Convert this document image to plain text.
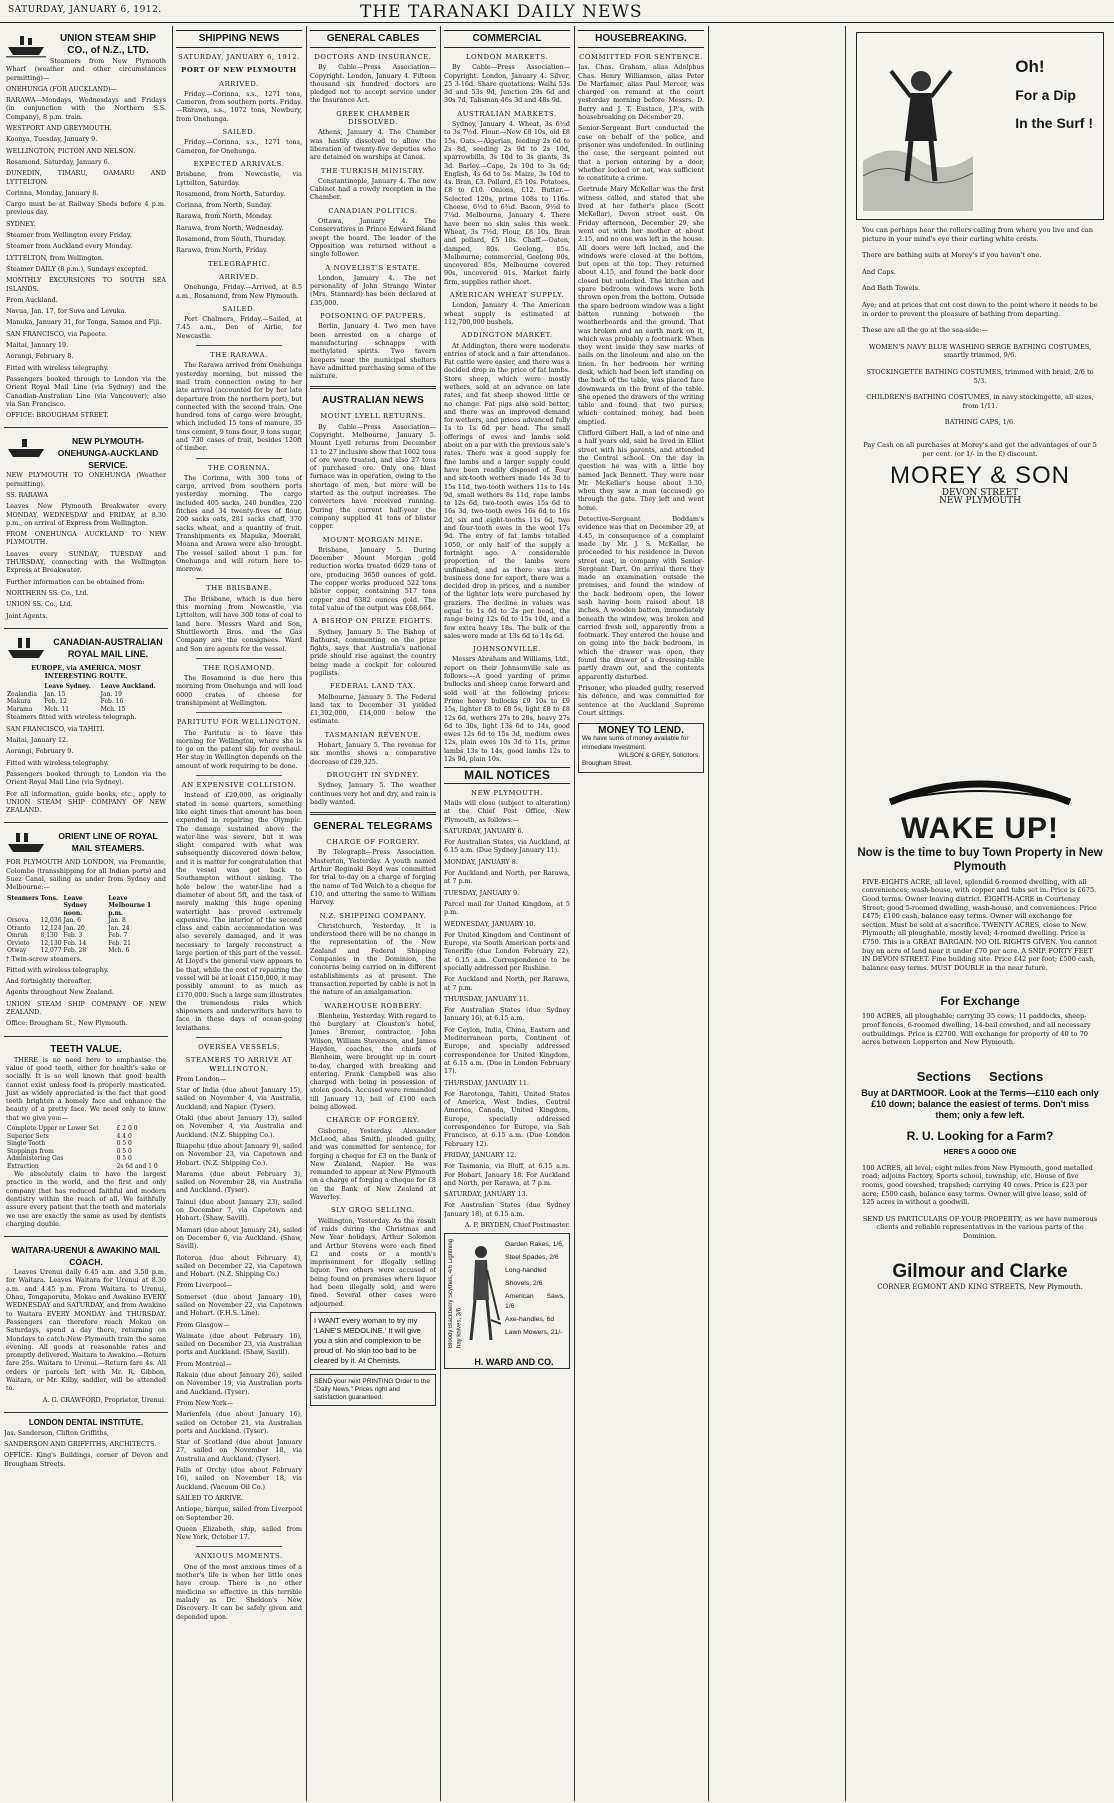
SATURDAY, JANUARY 6, 1912.	THE TARANAKI DAILY NEWS
UNION STEAM SHIP CO., of N.Z., LTD.

Steamers from New Plymouth Wharf (weather and other circumstances permitting)—

ONEHUNGA (FOR AUCKLAND)—

RARAWA—Mondays, Wednesdays and Fridays (in conjunction with the Northern S.S. Company), 8 p.m. train.

WESTPORT AND GREYMOUTH.

Koonya, Tuesday, January 9.

WELLINGTON, PICTON AND NELSON.

Rosamond, Saturday, January 6.

DUNEDIN, TIMARU, OAMARU AND LYTTELTON.

Corinna, Monday, January 8.

Cargo must be at Railway Sheds before 4 p.m. previous day.

SYDNEY.

Steamer from Wellington every Friday.

Steamer from Auckland every Monday.

LYTTELTON, from Wellington.

Steamer DAILY (8 p.m.), Sundays excepted.

MONTHLY EXCURSIONS TO SOUTH SEA ISLANDS.

From Auckland.

Navua, Jan. 17, for Suva and Levuka.

Manuka, January 31, for Tonga, Samoa and Fiji.

SAN FRANCISCO, via Papeete.

Maitai, January 19.

Aorangi, February 8.

Fitted with wireless telegraphy.

Passengers booked through to London via the Orient Royal Mail Line (via Sydney) and the Canadian-Australian Line (via Vancouver); also via San Francisco.

OFFICE: BROUGHAM STREET.

NEW PLYMOUTH-ONEHUNGA-AUCKLAND SERVICE.

NEW PLYMOUTH TO ONEHUNGA (Weather permitting).

SS. RARAWA

Leaves New Plymouth Breakwater every MONDAY, WEDNESDAY and FRIDAY, at 8.30 p.m., on arrival of Express from Wellington.

FROM ONEHUNGA AUCKLAND TO NEW PLYMOUTH.

Leaves every SUNDAY, TUESDAY and THURSDAY, connecting with the Wellington Express at Breakwater.

Further information can be obtained from:

NORTHERN SS. Co., Ltd.

UNION SS. Co., Ltd.

Joint Agents.

CANADIAN-AUSTRALIAN ROYAL MAIL LINE.

EUROPE, via AMERICA. MOST INTERESTING ROUTE.

	Leave Sydney.	Leave Auckland.
Zealandia	Jan. 15	Jan. 19
Makura	Feb. 12	Feb. 16
Marama	Mch. 11	Mch. 15

Steamers fitted with wireless telegraph.

SAN FRANCISCO, via TAHITI.

Maitai, January 12.

Aorangi, February 9.

Fitted with wireless telegraphy.

Passengers booked through to London via the Orient Royal Mail Line (via Sydney).

For all information, guide books, etc., apply to UNION STEAM SHIP COMPANY OF NEW ZEALAND.

ORIENT LINE OF ROYAL MAIL STEAMERS.

FOR PLYMOUTH AND LONDON, via Fremantle, Colombo (transshipping for all Indian ports) and Suez Canal, sailing as under from Sydney and Melbourne:—

Steamers	Tons.	Leave Sydney noon.	Leave Melbourne 1 p.m.
Orsova	12,036	Jan. 6	Jan. 8
Otranto	12,124	Jan. 20	Jan. 24
Omrah	8,130	Feb. 3	Feb. 7
Orvieto	12,130	Feb. 14	Feb. 21
Otway	12,077	Feb. 28	Mch. 6

† Twin-screw steamers.

Fitted with wireless telegraphy.

And fortnightly thereafter.

Agents throughout New Zealand.

UNION STEAM SHIP COMPANY OF NEW ZEALAND.

Office: Brougham St., New Plymouth.

TEETH VALUE.

THERE is no need here to emphasise the value of good teeth, either for health's sake or socially. It is so well known that good health cannot exist unless food is properly masticated. Just as widely appreciated is the fact that good teeth brighten a homely face and enhance the beauty of a pretty face. We need only to know that we give you:—

Complete Upper or Lower Set	£ 2 0 0
Superior Sets	4 4 0
Single Tooth	0 5 0
Stoppings from	0 5 0
Administering Gas	0 5 0
Extraction	2s 6d and 1 0

We absolutely claim to have the largest practice in the world, and the first and only company that has reduced faithful and modern dentistry within the reach of all. We faithfully assure every patient that the teeth and materials we use are exactly the same as used by dentists charging double.

WAITARA-URENUI & AWAKINO MAIL COACH.

Leaves Urenui daily 6.45 a.m. and 3.50 p.m. for Waitara. Leaves Waitara for Urenui at 8.30 a.m. and 4.45 p.m. From Waitara to Urenui, Ohau, Tongaporutu, Mokau and Awakino EVERY WEDNESDAY and SATURDAY, and from Awakino to Waitara EVERY MONDAY and THURSDAY. Passengers can therefore reach Mokau on Saturdays, spend a day there, returning on Mondays to catch New Plymouth train the same evening. All goods at reasonable rates and promptly delivered. Waitara to Awakino.—Return fare 25s. Waitara to Urenui.—Return fare 4s. All orders or parcels left with Mr. R. Gibbon, Waitara, or Mr. Kilby, saddler, will be attended to.

A. G. CRAWFORD, Proprietor, Urenui.

LONDON DENTAL INSTITUTE.

Jas. Sanderson, Clifton Griffiths,

SANDERSON AND GRIFFITHS, ARCHITECTS.

OFFICE: King's Buildings, corner of Devon and Brougham Streets.

SHIPPING NEWS
SATURDAY, JANUARY 6, 1912.
PORT OF NEW PLYMOUTH
ARRIVED.

Friday.—Corinna, s.s., 1271 tons, Cameron, from southern ports. Friday.—Rarawa, s.s., 1072 tons, Newbury, from Onehunga.

SAILED.

Friday.—Corinna, s.s., 1271 tons, Cameron, for Onehunga.

EXPECTED ARRIVALS.

Brisbane, from Newcastle, via Lyttelton, Saturday.

Rosamond, from North, Saturday.

Corinna, from North, Sunday.

Rarawa, from North, Monday.

Rarawa, from North, Wednesday.

Rosamond, from South, Thursday.

Rarawa, from North, Friday.

TELEGRAPHIC.
ARRIVED.

Onehunga, Friday.—Arrived, at 8.5 a.m., Rosamond, from New Plymouth.

SAILED.

Port Chalmers, Friday.—Sailed, at 7.45 a.m., Den of Airlie, for Newcastle.

THE RARAWA.

The Rarawa arrived from Onehunga yesterday morning, but missed the mail train connection owing to her late arrival (accounted for by her late departure from the northern port), but connected with the second train. One hundred tons of cargo were brought, which included 15 tons of manure, 35 tons cement, 9 tons flour, 9 tons sugar, and 730 cases of fruit, besides 120ft of timber.

THE CORINNA.

The Corinna, with 300 tons of cargo, arrived from southern ports yesterday morning. The cargo included 405 sacks, 240 bundles, 220 fitches and 34 twenty-fives of flour, 200 sacks oats, 281 sacks chaff, 370 sacks wheat, and a quantity of fruit. Transhipments ex Mapuka, Moeraki, Moana and Arawa were also brought. The vessel sailed about 1 p.m. for Onehunga and will return here to-morrow.

THE BRISBANE.

The Brisbane, which is due here this morning from Newcastle, via Lyttelton, will have 300 tons of coal to land here. Messrs Ward and Son, Shuttleworth Bros. and the Gas Company are the consignees. Ward and Son are agents for the vessel.

THE ROSAMOND.

The Rosamond is due here this morning from Onehunga and will load 6000 crates of cheese for transhipment at Wellington.

PARITUTU FOR WELLINGTON.

The Paritutu is to leave this morning for Wellington, where she is to go on the patent slip for overhaul. Her stay in Wellington depends on the amount of work requiring to be done.

AN EXPENSIVE COLLISION.

Instead of £20,000, as originally stated in some quarters, something like eight times that amount has been expended in repairing the Olympic. The damage sustained above the water-line was severe, but it was slight compared with what was subsequently discovered down below, and it is matter for congratulation that the vessel was got back to Southampton without sinking. The hole below the water-line had a diameter of about 5ft, and the task of merely making this huge opening watertight has proved extremely expensive. The interior of the second class and cabin accommodation was also severely damaged, and it was necessary to largely reconstruct a large portion of this part of the vessel. At Lloyd's the general view appears to be that, while the cost of repairing the vessel will be at least £150,000, it may possibly amount to as much as £170,000. Such a large sum illustrates the tremendous risks which shipowners and underwriters have to face in these days of ocean-going leviathans.

OVERSEA VESSELS.
STEAMERS TO ARRIVE AT WELLINGTON.

From London—

Star of India (due about January 15), sailed on November 4, via Australia, Auckland, and Napier. (Tyser).

Otaki (due about January 13), sailed on November 4, via Australia and Auckland. (N.Z. Shipping Co.).

Ruapehu (due about January 9), sailed on November 23, via Capetown and Hobart. (N.Z. Shipping Co.).

Marama (due about February 3), sailed on November 28, via Australia and Auckland. (Tyser).

Tainui (due about January 23), sailed on December 7, via Capetown and Hobart. (Shaw, Savill).

Mamari (due about January 24), sailed on December 6, via Auckland. (Shaw, Savill).

Rotorua (due about February 4), sailed on December 22, via Capetown and Hobart. (N.Z. Shipping Co.)

From Liverpool—

Somerset (due about January 10), sailed on November 22, via Capetown and Hobart. (F.H.S. Line).

From Glasgow—

Waimate (due about February 16), sailed on December 23, via Australian ports and Auckland. (Shaw, Savill).

From Montreal—

Rakaia (due about January 26), sailed on November 19, via Australian ports and Auckland. (Tyser).

From New York—

Marienfels (due about January 16), sailed on October 21, via Australian ports and Auckland. (Tyser).

Star of Scotland (due about January 27, sailed on November 18, via Australia and Auckland. (Tyser).

Falls of Orchy (due about February 16), sailed on November 18, via Auckland. (Vacuum Oil Co.)

SAILED TO ARRIVE.

Antiope, barque, sailed from Liverpool on September 20.

Queen Elizabeth, ship, sailed from New York, October 17.

ANXIOUS MOMENTS.

One of the most anxious times of a mother's life is when her little ones have croup. There is no other medicine so effective in this terrible malady as Dr. Sheldon's New Discovery. It can be safely given and depended upon.

GENERAL CABLES
DOCTORS AND INSURANCE.

By Cable—Press Association—Copyright. London, January 4. Fifteen thousand six hundred doctors are pledged not to accept service under the Insurance Act.

GREEK CHAMBER DISSOLVED.

Athens, January 4. The Chamber was hastily dissolved to allow the liberation of twenty-five deputies who are detained on warships at Canea.

THE TURKISH MINISTRY.

Constantinople, January 4. The new Cabinet had a rowdy reception in the Chamber.

CANADIAN POLITICS.

Ottawa, January 4. The Conservatives in Prince Edward Island swept the board. The leader of the Opposition was returned without a single follower.

A NOVELIST'S ESTATE.

London, January 4. The net personality of John Strange Winter (Mrs. Stannard) has been declared at £35,000.

POISONING OF PAUPERS.

Berlin, January 4. Two men have been arrested on a charge of manufacturing schnapps with methylated spirits. Two tavern keepers near the municipal shelters have admitted purchasing some of the mixture.

AUSTRALIAN NEWS
MOUNT LYELL RETURNS.

By Cable—Press Association—Copyright. Melbourne, January 5. Mount Lyell returns from December 11 to 27 inclusive show that 1602 tons of ore were treated, and also 27 tons of purchased ore. Only one blast furnace was in operation, owing to the shortage of men, but more will be started as the output increases. The converters have received running. During the current half-year the company supplied 41 tons of blister copper.

MOUNT MORGAN MINE.

Brisbane, January 5. During December Mount Morgan gold reduction works treated 6629 tons of ore, producing 3650 ounces of gold. The copper works produced 522 tons blister copper, containing 517 tons copper and 6382 ounces gold. The total value of the output was £68,664.

A BISHOP ON PRIZE FIGHTS.

Sydney, January 5. The Bishop of Bathurst, commenting on the prize fights, says that Australia's national pride should rise against the country being made a cockpit for coloured pugilists.

FEDERAL LAND TAX.

Melbourne, January 5. The Federal land tax to December 31 yielded £1,392,000, £14,000 below the estimate.

TASMANIAN REVENUE.

Hobart, January 5. The revenue for six months shows a comparative decrease of £29,325.

DROUGHT IN SYDNEY.

Sydney, January 5. The weather continues very hot and dry, and rain is badly wanted.

GENERAL TELEGRAMS
CHARGE OF FORGERY.

By Telegraph—Press Association. Masterton, Yesterday. A youth named Arthur Reginald Boyd was committed for trial to-day on a charge of forging the name of Ted Welch to a cheque for £10, and uttering the same to William Harvey.

N.Z. SHIPPING COMPANY.

Christchurch, Yesterday. It is understood there will be no change in the representation of the New Zealand and Federal Shipping Companies in the Dominion, the concerns being carried on in different establishments as at present. The transaction reported by cable is not in the nature of an amalgamation.

WAREHOUSE ROBBERY.

Blenheim, Yesterday. With regard to the burglary at Clouston's hotel, James Bremer, contractor, John Wilson, William Stevenson, and James Hayden, coaches, the chiefs of Blenheim, were brought up in court to-day, charged with breaking and entering. Frank Campbell was also charged with being in possession of stolen goods. Accused were remanded till January 13, bail of £100 each being allowed.

CHARGE OF FORGERY.

Gisborne, Yesterday. Alexander McLeod, alias Smith, pleaded guilty, and was committed for sentence, for forging a cheque for £3 on the Bank of New Zealand, Napier. He was remanded to appear at New Plymouth on a charge of forging a cheque for £8 on the Bank of New Zealand at Waverley.

SLY GROG SELLING.

Wellington, Yesterday. As the result of raids during the Christmas and New Year holidays, Arthur Solomon and Arthur Stevens were each fined £2 and costs or a month's imprisonment for illegally selling liquor. Two others were accused of being found on premises where liquor had been illegally sold, and were fined. Several other cases were adjourned.

I WANT every woman to try my 'LANE'S MEDOLINE.' It will give you a skin and complexion to be proud of. No skin too bad to be cleared by it. At Chemists.
SEND your next PRINTING Order to the "Daily News." Prices right and satisfaction guaranteed.
COMMERCIAL
LONDON MARKETS.

By Cable—Press Association—Copyright. London, January 4. Silver, 25 3-16d. Share quotations: Waihi 53s 3d and 53s 9d, Junction 29s 6d and 30s 7d, Talisman 46s 3d and 48s 9d.

AUSTRALIAN MARKETS.

Sydney, January 4. Wheat, 3s 6½d to 3s 7½d. Flour.—New £8 10s, old £8 15s. Oats.—Algerian, feeding 2s 6d to 2s 8d, seeding 2s 9d to 2s 10d, sparrowbills, 3s 10d to 3s giants, 3s 3d. Barley.—Cape, 2s 10d to 3s 6d; English, 4s 6d to 5s. Maize, 3s 10d to 4s. Bran, £3. Pollard, £5 10s. Potatoes, £8 to £10. Onions, £12. Butter.—Selected 120s, prime 108s to 116s. Cheese, 6½d to 6¾d. Bacon, 9½d to 7¼d. Melbourne, January 4. There have been no skin sales this week. Wheat, 3s 7½d. Flour, £8 10s. Bran and pollard, £5 10s. Chaff.—Oaten, damped, 80s. Geelong, 85s. Melbourne; commercial, Geelong 90s, uncovered 85s, Melbourne covered 90s, uncovered 91s. Market fairly firm, supplies rather short.

AMERICAN WHEAT SUPPLY.

London, January 4. The American wheat supply is estimated at 112,700,000 bushels.

ADDINGTON MARKET.

At Addington, there were moderate entries of stock and a fair attendance. Fat cattle were easier, and there was a decided drop in the price of fat lambs. Store sheep, which were mostly wethers, sold at an advance on late rates, and fat sheep showed little or no change. Fat pigs also sold better, and there was an improved demand for wethers, and prices advanced fully 1s to 1s 6d per head. The small offerings of ewes and lambs sold about on a par with the previous sale's rates. There was a good supply for fine lambs and a larger supply could have been readily disposed of. Four and six-tooth wethers made 14s 3d to 15s 11d, two-tooth wethers 11s to 14s 9d, small wethers 8s 11d, rape lambs to 12s 6d, two-tooth ewes 15s 6d to 16s 3d, two-tooth ewes 16s 6d to 16s 2d, six and eight-tooths 11s 6d, two and four-tooth ewes in the wool 17s 9d. The entry of fat lambs totalled 1050, or only half of the supply a fortnight ago. A considerable proportion of the lambs were unfinished, and as there was little business done for export, there was a decided drop in prices, and a number of the lighter lots were purchased by graziers. The decline in values was equal to 1s 6d to 2s per head, the range being 12s 6d to 15s 10d, and a few extra heavy 18s. The bulk of the sales were made at 13s 6d to 14s 6d.

JOHNSONVILLE.

Messrs Abraham and Williams, Ltd., report on their Johnsonville sale as follows:—A good yarding of prime bullocks and sheep came forward and sold well at the following prices: Prime heavy bullocks £9 10s to £9 15s, lighter £8 to £8 5s, light £8 to £8 12s 6d, wethers 27s to 28s, heavy 27s 6d to 30s, light 13s 6d to 14s, good ewes 12s 6d to 15s 3d, medium ewes 12s, plain ewes 10s 3d to 11s, prime lambs 13s to 14s, good lambs 12s to 12s 9d, plain 10s.

MAIL NOTICES
NEW PLYMOUTH.

Mails will close (subject to alteration) at the Chief Post Office, New Plymouth, as follows:—

SATURDAY, JANUARY 6.

For Australian States, via Auckland, at 6.15 a.m. (Due Sydney January 11).

MONDAY, JANUARY 8.

For Auckland and North, per Rarawa, at 7 p.m.

TUESDAY, JANUARY 9.

Parcel mail for United Kingdom, at 5 p.m.

WEDNESDAY, JANUARY 10.

For United Kingdom and Continent of Europe, via South American ports and Teneriffe (due London February 22), at 6.15 a.m. Correspondence to be specially addressed per Rushine.

For Auckland and North, per Rarawa, at 7 p.m.

THURSDAY, JANUARY 11.

For Australian States (due Sydney January 16), at 6.15 a.m.

For Ceylon, India, China, Eastern and Mediterranean ports, Continent of Europe, and specially addressed correspondence for United Kingdom, at 6.15 a.m. (Due in London February 17).

THURSDAY, JANUARY 11.

For Rarotonga, Tahiti, United States of America, West Indies, Central America, Canada, United Kingdom, Europe, specially addressed correspondence for Europe, via San Francisco, at 6.15 a.m. (Due London February 12).

FRIDAY, JANUARY 12.

For Tasmania, via Bluff, at 6.15 a.m. For Hobart, January 18. For Auckland and North, per Rarawa, at 7 p.m.

SATURDAY, JANUARY 13.

For Australian States (due Sydney January 18), at 6.15 a.m.

A. P. BRYDEN, Chief Postmaster.

Bloody Blackberry Scythes, 4/6 Lightning hay knives, 3/6

Garden Rakes, 1/6,

Steel Spades, 2/6

Long-handled

Shovels, 2/6

American Saws, 1/6

Axe-handles, 6d

Lawn Mowers, 21/-

H. WARD AND CO.
HOUSEBREAKING.
COMMITTED FOR SENTENCE.

Jas. Chas. Graham, alias Adolphus Chas. Henry Williamson, alias Peter De Marfamer, alias Paul Mercer, was charged on remand at the court yesterday morning before Messrs. D. Berry and J. T. Eustace, J.P.'s, with housebreaking on December 29.

Senior-Sergeant Burt conducted the case on behalf of the police, and prisoner was undefended. In outlining the case, the sergeant pointed out that a person entering by a door, whether locked or not, was sufficient to constitute a crime.

Gertrude Mary McKellar was the first witness called, and stated that she lived at her father's place (Scott McKellar), Devon street east. On Friday afternoon, December 29, she went out with her mother at about 2.15, and no one was left in the house. All doors were left locked, and the windows were closed at the bottom, but open at the top. They returned about 4.15, and found the back door closed but unlocked. The kitchen and spare bedroom windows were both thrown open from the bottom. Outside the spare bedroom window was a light batten running between the weatherboards and the ground. That was broken and an earth mark on it, which was probably a footmark. When they went inside they saw marks of nails on the linoleum and also on the linen. In her bedroom her writing desk, which had been left standing on the back of the table, was placed face downwards on the front of the table. She opened the drawers of the writing table and found that two purses, which contained money, had been emptied.

Clifford Gilbert Hall, a lad of nine and a half years old, said he lived in Elliot street with his parents, and attended the Central school. On the day in question he was with a little boy named Jack Bennett. They were near Mr. McKellar's house about 3.30, when they saw a man (accused) go through the gate. They left and went home.

Detective-Sergeant Boddam's evidence was that on December 29, at 4.45, in consequence of a complaint made by Mr. J. S. McKellar, he proceeded to his residence in Devon street east, in company with Senior-Sergeant Dart. On arrival there they made an examination outside the premises, and found the window of the back bedroom open, the lower sash having been raised about 18 inches. A wooden batten, immediately beneath the window, was broken and carried fresh soil, apparently from a footmark. They entered the house and on going into the back bedroom, in which the drawer was open, they found the drawer of a dressing-table partly drawn out, and the contents apparently disturbed.

Prisoner, who pleaded guilty, reserved his defence, and was committed for sentence at the Auckland Supreme Court sittings.

MONEY TO LEND.
We have sums of money available for immediate investment.
WILSON & GREY, Solicitors.
Brougham Street.
Oh!
For a Dip
In the Surf !

You can perhaps hear the rollers calling from where you live and can picture in your mind's eye their curling white crests.

There are bathing suits at Morey's if you haven't one.

And Caps.

And Bath Towels.

Aye; and at prices that cut cost down to the point where it needs to be in order to prevent the pleasure of bathing from departing.

These are all the go at the sea-side:—

WOMEN'S NAVY BLUE WASHING SERGE BATHING COSTUMES, smartly trimmed, 9/6.

STOCKINGETTE BATHING COSTUMES, trimmed with braid, 2/6 to 5/3.

CHILDREN'S BATHING COSTUMES, in navy stockingette, all sizes, from 1/11.

BATHING CAPS, 1/6.

Pay Cash on all purchases at Morey's and get the advantages of our 5 per cent. (or 1/- in the £) discount.

MOREY & SON
DEVON STREET
NEW PLYMOUTH
WAKE UP!
Now is the time to buy Town Property in New Plymouth

FIVE-EIGHTS ACRE, all level, splendid 6-roomed dwelling, with all conveniences; wash-house, with copper and tubs set in. Price is £675. Good terms. Owner leaving district. EIGHTH-ACRE in Courtenay Street; good 5-roomed dwelling, wash-house, and conveniences. Price £475; £100 cash, balance easy terms. Owner will exchange for section. Must be sold at a sacrifice. TWENTY ACRES, close to New Plymouth; all ploughable, mostly level; 4-roomed dwelling. Price is £750. This is a GREAT BARGAIN. NO OIL RIGHTS GIVEN. You cannot buy an acre of land near it under £70 per acre. A SNIP. FORTY FEET IN DEVON STREET. Fine building site. Price £42 per foot; £500 cash, balance easy terms. MUST DOUBLE in the near future.

For Exchange

100 ACRES, all ploughable; carrying 35 cows; 11 paddocks, sheep-proof fences, 6-roomed dwelling, 14-bail cowshed, and all necessary outbuildings. Price is £2700. Will exchange for property of 40 to 70 acres between Lepperton and New Plymouth.

Sections     Sections
Buy at DARTMOOR. Look at the Terms—£110 each only £10 down; balance the easiest of terms. Don't miss them; only a few left.
R. U. Looking for a Farm?
HERE'S A GOOD ONE

100 ACRES, all level; eight miles from New Plymouth, good metalled road; adjoins Factory, Sports school, township, etc. House of five rooms, good cowshed, trapshed; carrying 40 cows. Price is £23 per acre; £500 cash, balance easy terms. Owner will give lease, sold of 125 acres in without a goodwill.

SEND US PARTICULARS OF YOUR PROPERTY, as we have numerous clients and reliable representatives in the various parts of the Dominion.

Gilmour and Clarke
CORNER EGMONT AND KING STREETS, New Plymouth.
